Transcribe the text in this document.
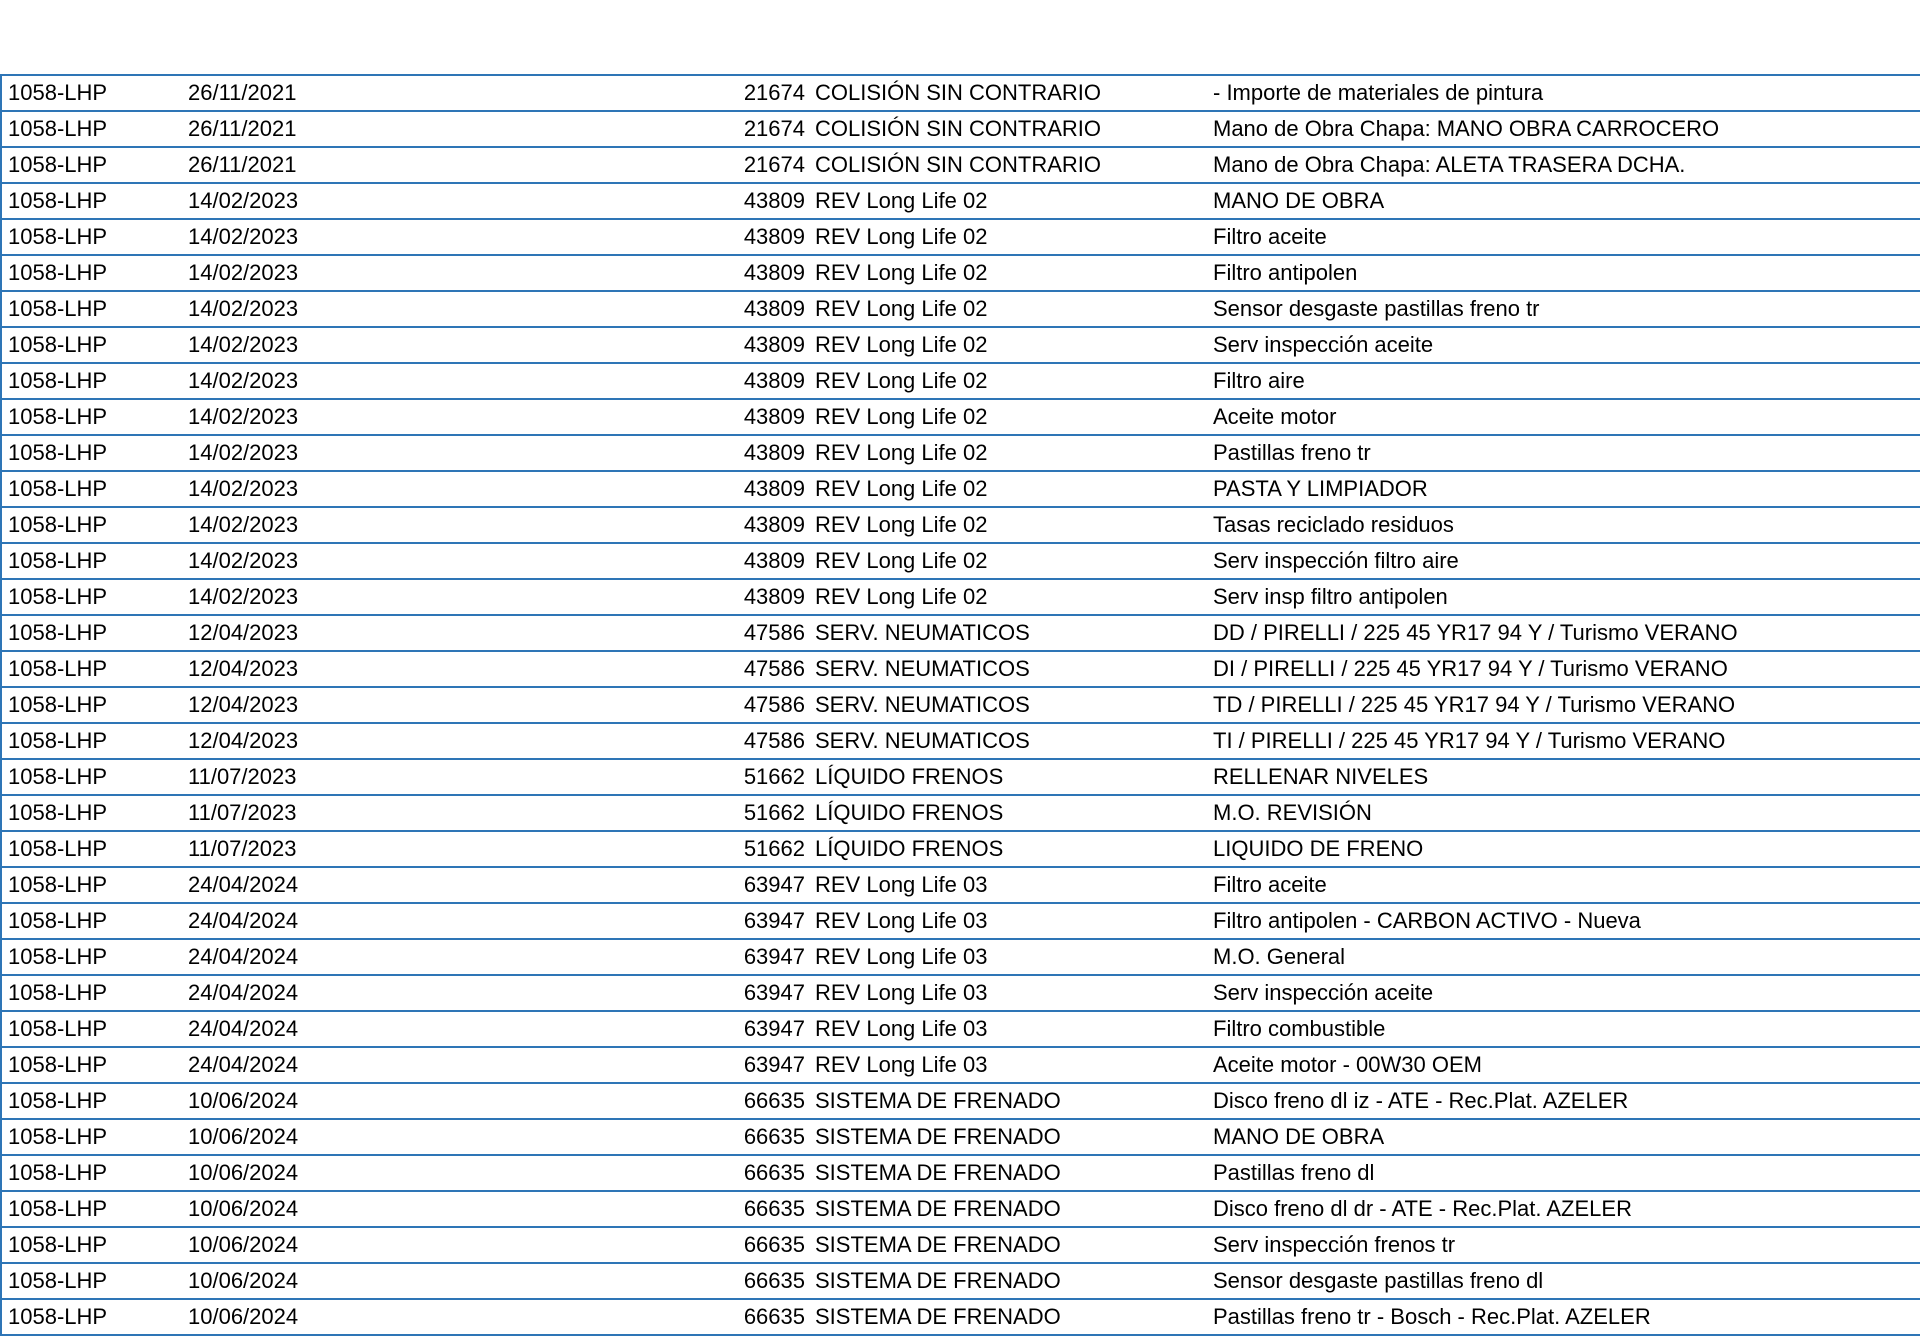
1058-LHP	26/11/2021	21674	COLISIÓN SIN CONTRARIO	- Importe de materiales de pintura
1058-LHP	26/11/2021	21674	COLISIÓN SIN CONTRARIO	Mano de Obra Chapa: MANO OBRA CARROCERO
1058-LHP	26/11/2021	21674	COLISIÓN SIN CONTRARIO	Mano de Obra Chapa: ALETA TRASERA DCHA.
1058-LHP	14/02/2023	43809	REV Long Life 02	MANO DE OBRA
1058-LHP	14/02/2023	43809	REV Long Life 02	Filtro aceite
1058-LHP	14/02/2023	43809	REV Long Life 02	Filtro antipolen
1058-LHP	14/02/2023	43809	REV Long Life 02	Sensor desgaste pastillas freno tr
1058-LHP	14/02/2023	43809	REV Long Life 02	Serv inspección aceite
1058-LHP	14/02/2023	43809	REV Long Life 02	Filtro aire
1058-LHP	14/02/2023	43809	REV Long Life 02	Aceite motor
1058-LHP	14/02/2023	43809	REV Long Life 02	Pastillas freno tr
1058-LHP	14/02/2023	43809	REV Long Life 02	PASTA Y LIMPIADOR
1058-LHP	14/02/2023	43809	REV Long Life 02	Tasas reciclado residuos
1058-LHP	14/02/2023	43809	REV Long Life 02	Serv inspección filtro aire
1058-LHP	14/02/2023	43809	REV Long Life 02	Serv insp filtro antipolen
1058-LHP	12/04/2023	47586	SERV. NEUMATICOS	DD / PIRELLI / 225 45 YR17 94 Y / Turismo VERANO
1058-LHP	12/04/2023	47586	SERV. NEUMATICOS	DI / PIRELLI / 225 45 YR17 94 Y / Turismo VERANO
1058-LHP	12/04/2023	47586	SERV. NEUMATICOS	TD / PIRELLI / 225 45 YR17 94 Y / Turismo VERANO
1058-LHP	12/04/2023	47586	SERV. NEUMATICOS	TI / PIRELLI / 225 45 YR17 94 Y / Turismo VERANO
1058-LHP	11/07/2023	51662	LÍQUIDO FRENOS	RELLENAR NIVELES
1058-LHP	11/07/2023	51662	LÍQUIDO FRENOS	M.O. REVISIÓN
1058-LHP	11/07/2023	51662	LÍQUIDO FRENOS	LIQUIDO DE FRENO
1058-LHP	24/04/2024	63947	REV Long Life 03	Filtro aceite
1058-LHP	24/04/2024	63947	REV Long Life 03	Filtro antipolen - CARBON ACTIVO - Nueva
1058-LHP	24/04/2024	63947	REV Long Life 03	M.O. General
1058-LHP	24/04/2024	63947	REV Long Life 03	Serv inspección aceite
1058-LHP	24/04/2024	63947	REV Long Life 03	Filtro combustible
1058-LHP	24/04/2024	63947	REV Long Life 03	Aceite motor - 00W30 OEM
1058-LHP	10/06/2024	66635	SISTEMA DE FRENADO	Disco freno dl iz - ATE - Rec.Plat. AZELER
1058-LHP	10/06/2024	66635	SISTEMA DE FRENADO	MANO DE OBRA
1058-LHP	10/06/2024	66635	SISTEMA DE FRENADO	Pastillas freno dl
1058-LHP	10/06/2024	66635	SISTEMA DE FRENADO	Disco freno dl dr - ATE - Rec.Plat. AZELER
1058-LHP	10/06/2024	66635	SISTEMA DE FRENADO	Serv inspección frenos tr
1058-LHP	10/06/2024	66635	SISTEMA DE FRENADO	Sensor desgaste pastillas freno dl
1058-LHP	10/06/2024	66635	SISTEMA DE FRENADO	Pastillas freno tr - Bosch - Rec.Plat. AZELER
